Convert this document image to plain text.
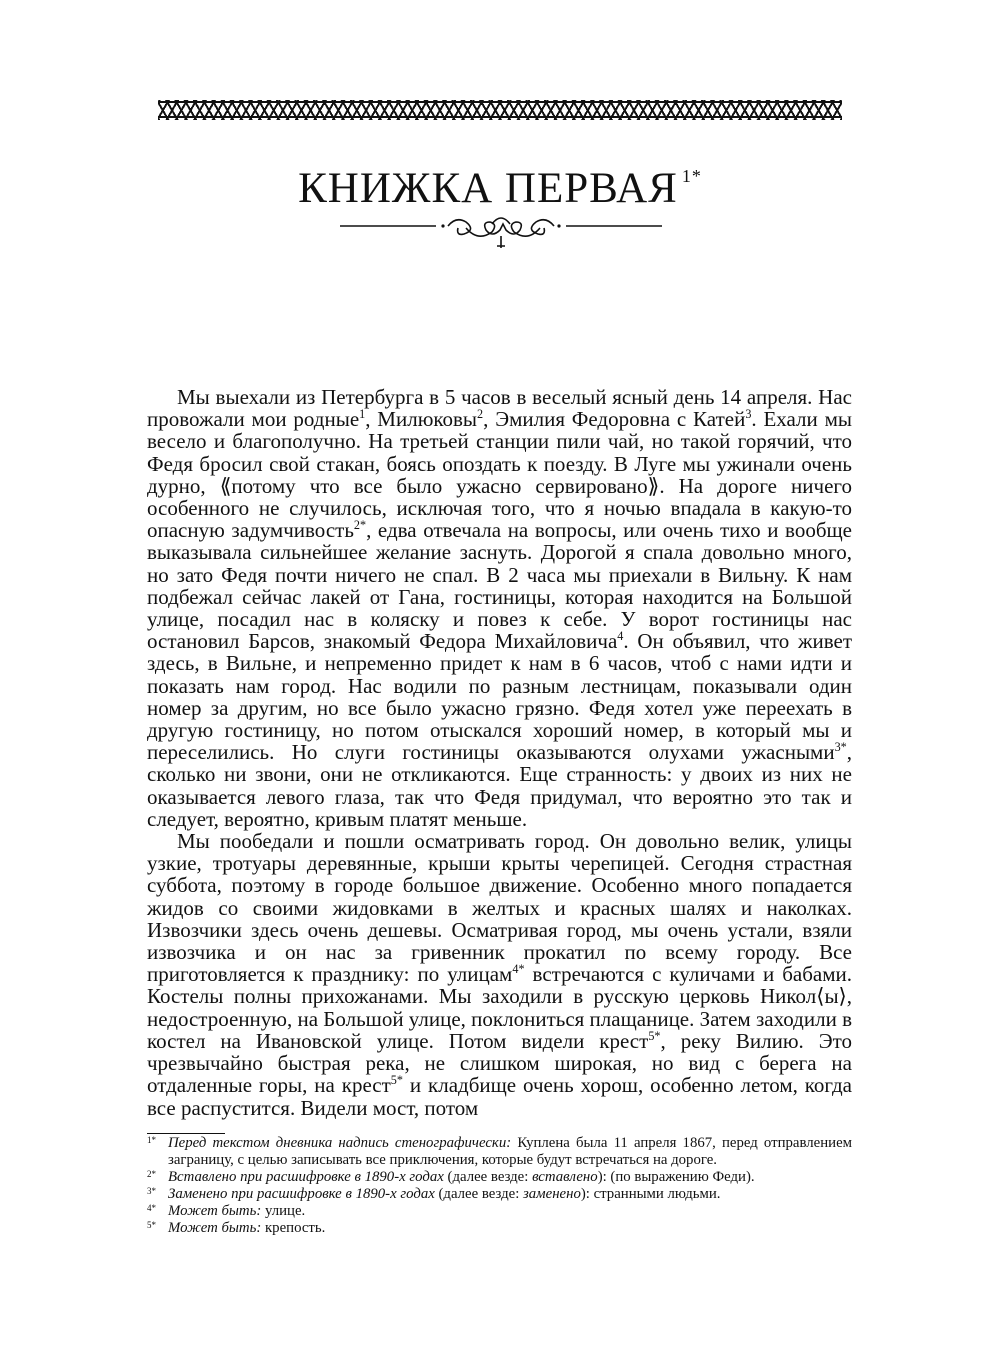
КНИЖКА ПЕРВАЯ $^{1*}$

Мы выехали из Петербурга в 5 часов в веселый ясный день 14 апреля. Нас провожали мои родные$^1$, Милюковы$^2$, Эмилия Федоровна с Катей$^3$. Ехали мы весело и благополучно. На третьей станции пили чай, но такой горячий, что Федя бросил свой стакан, боясь опоздать к поезду. В Луге мы ужинали очень дурно, ⟪потому что все было ужасно сервировано⟫. На дороге ничего особенного не случилось, исключая того, что я ночью впадала в какую-то опасную задумчивость$^{2*}$, едва отвечала на вопросы, или очень тихо и вообще выказывала сильнейшее желание заснуть. Дорогой я спала довольно много, но зато Федя почти ничего не спал. В 2 часа мы приехали в Вильну. К нам подбежал сейчас лакей от Гана, гостиницы, которая находится на Большой улице, посадил нас в коляску и повез к себе. У ворот гостиницы нас остановил Барсов, знакомый Федора Михайловича$^4$. Он объявил, что живет здесь, в Вильне, и непременно придет к нам в 6 часов, чтоб с нами идти и показать нам город. Нас водили по разным лестницам, показывали один номер за другим, но все было ужасно грязно. Федя хотел уже переехать в другую гостиницу, но потом отыскался хороший номер, в который мы и переселились. Но слуги гостиницы оказываются олухами ужасными$^{3*}$, сколько ни звони, они не откликаются. Еще странность: у двоих из них не оказывается левого глаза, так что Федя придумал, что вероятно это так и следует, вероятно, кривым платят меньше.

Мы пообедали и пошли осматривать город. Он довольно велик, улицы узкие, тротуары деревянные, крыши крыты черепицей. Сегодня страстная суббота, поэтому в городе большое движение. Особенно много попадается жидов со своими жидовками в желтых и красных шалях и наколках. Извозчики здесь очень дешевы. Осматривая город, мы очень устали, взяли извозчика и он нас за гривенник прокатил по всему городу. Все приготовляется к празднику: по улицам$^{4*}$ встречаются с куличами и бабами. Костелы полны прихожанами. Мы заходили в русскую церковь Никол⟨ы⟩, недостроенную, на Большой улице, поклониться плащанице. Затем заходили в костел на Ивановской улице. Потом видели крест$^{5*}$, реку Вилию. Это чрезвычайно быстрая река, не слишком широкая, но вид с берега на отдаленные горы, на крест$^{5*}$ и кладбище очень хорош, особенно летом, когда все распустится. Видели мост, потом

1* Перед текстом дневника надпись стенографически: Куплена была 11 апреля 1867, перед отправлением заграницу, с целью записывать все приключения, которые будут встречаться на дороге.
2* Вставлено при расшифровке в 1890-х годах (далее везде: вставлено): (по выражению Феди).
3* Заменено при расшифровке в 1890-х годах (далее везде: заменено): странными людьми.
4* Может быть: улице.
5* Может быть: крепость.
